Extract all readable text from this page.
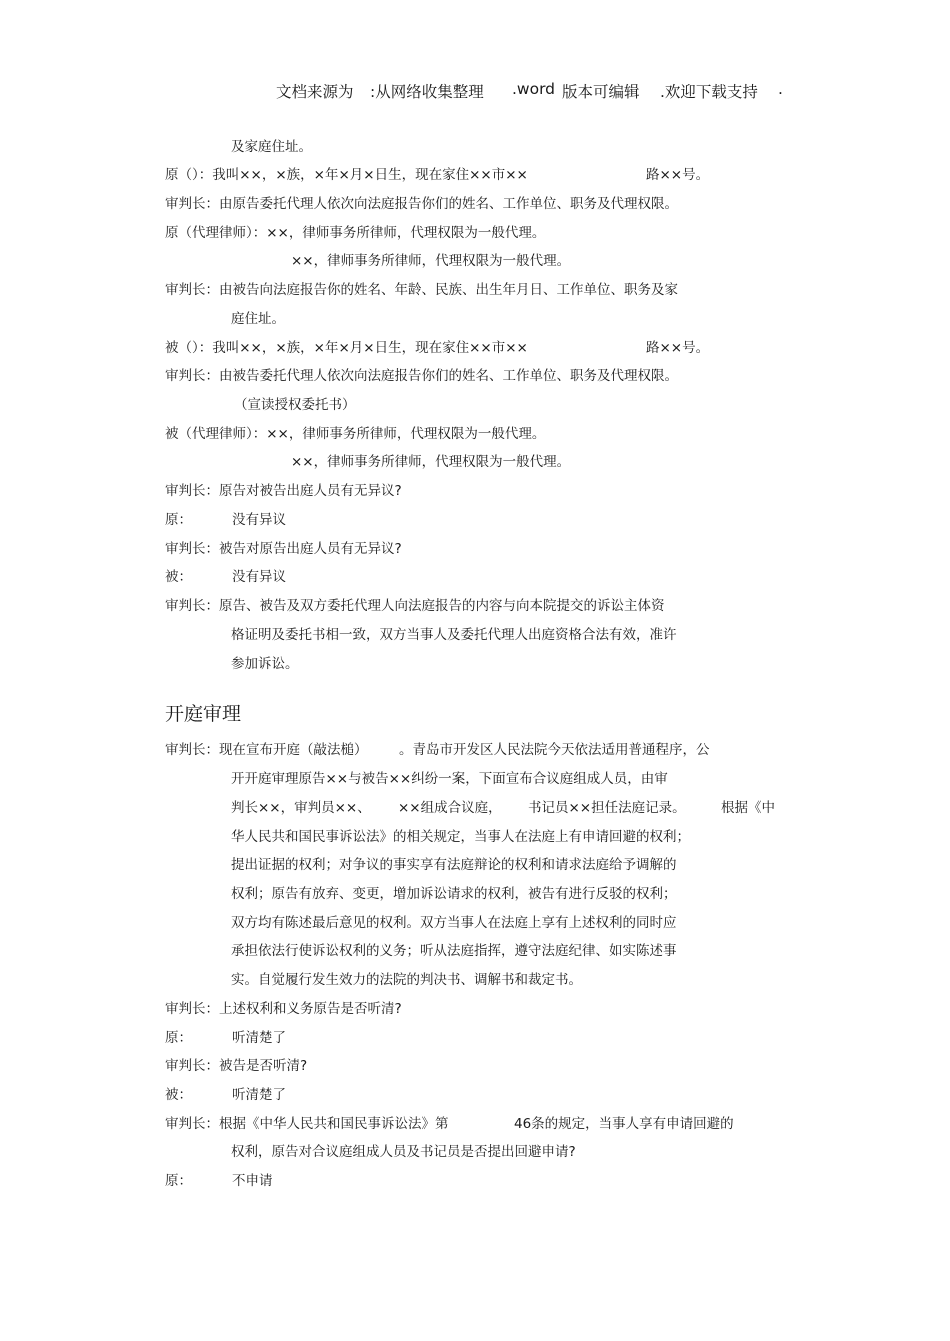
文档来源为 :从网络收集整理 .word 版本可编辑 .欢迎下载支持 .
及家庭住址。
原（）：我叫××，×族，×年×月×日生，现在家住××市××	路××号。
审判长：由原告委托代理人依次向法庭报告你们的姓名、工作单位、职务及代理权限。
原（代理律师）：××，律师事务所律师，代理权限为一般代理。
××，律师事务所律师，代理权限为一般代理。
审判长：由被告向法庭报告你的姓名、年龄、民族、出生年月日、工作单位、职务及家
庭住址。
被（）：我叫××，×族，×年×月×日生，现在家住××市××	路××号。
审判长：由被告委托代理人依次向法庭报告你们的姓名、工作单位、职务及代理权限。
（宣读授权委托书）
被（代理律师）：××，律师事务所律师，代理权限为一般代理。
××，律师事务所律师，代理权限为一般代理。
审判长：原告对被告出庭人员有无异议?
原：	没有异议
审判长：被告对原告出庭人员有无异议?
被：	没有异议
审判长：原告、被告及双方委托代理人向法庭报告的内容与向本院提交的诉讼主体资
格证明及委托书相一致，双方当事人及委托代理人出庭资格合法有效，准许
参加诉讼。
开庭审理
审判长：现在宣布开庭（敲法槌） 。青岛市开发区人民法院今天依法适用普通程序，公
开开庭审理原告××与被告××纠纷一案，下面宣布合议庭组成人员，由审
判长××，审判员××、 ××组成合议庭， 书记员××担任法庭记录。	根据《中
华人民共和国民事诉讼法》的相关规定，当事人在法庭上有申请回避的权利；
提出证据的权利；对争议的事实享有法庭辩论的权利和请求法庭给予调解的
权利；原告有放弃、变更，增加诉讼请求的权利，被告有进行反驳的权利；
双方均有陈述最后意见的权利。双方当事人在法庭上享有上述权利的同时应
承担依法行使诉讼权利的义务；听从法庭指挥，遵守法庭纪律、如实陈述事
实。自觉履行发生效力的法院的判决书、调解书和裁定书。
审判长：上述权利和义务原告是否听清?
原：	听清楚了
审判长：被告是否听清?
被：	听清楚了
审判长：根据《中华人民共和国民事诉讼法》第	46条的规定，当事人享有申请回避的
权利，原告对合议庭组成人员及书记员是否提出回避申请?
原：	不申请
